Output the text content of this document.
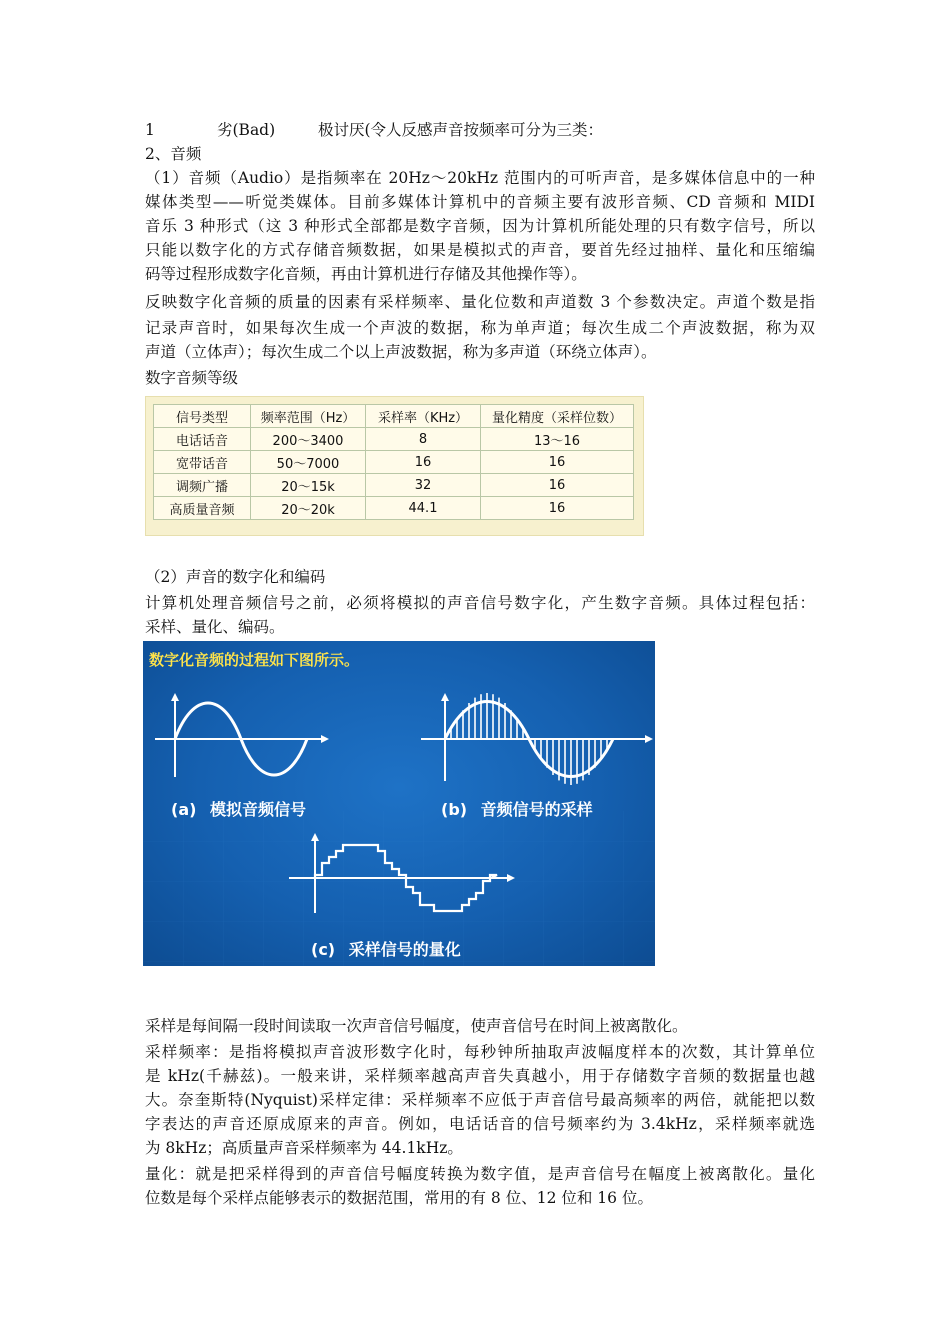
1	劣(Bad)	极讨厌(令人反感声音按频率可分为三类：
2、音频
（1）音频（Audio）是指频率在 20Hz～20kHz 范围内的可听声音，是多媒体信息中的一种
媒体类型——听觉类媒体。目前多媒体计算机中的音频主要有波形音频、CD 音频和 MIDI
音乐 3 种形式（这 3 种形式全部都是数字音频，因为计算机所能处理的只有数字信号，所以
只能以数字化的方式存储音频数据，如果是模拟式的声音，要首先经过抽样、量化和压缩编
码等过程形成数字化音频，再由计算机进行存储及其他操作等）。
反映数字化音频的质量的因素有采样频率、量化位数和声道数 3 个参数决定。声道个数是指
记录声音时，如果每次生成一个声波的数据，称为单声道；每次生成二个声波数据，称为双
声道（立体声）；每次生成二个以上声波数据，称为多声道（环绕立体声）。
数字音频等级
信号类型	频率范围（Hz）	采样率（KHz）	量化精度（采样位数）
电话话音	200～3400	8	13～16
宽带话音	50～7000	16	16
调频广播	20～15k	32	16
高质量音频	20～20k	44.1	16
（2）声音的数字化和编码
计算机处理音频信号之前，必须将模拟的声音信号数字化，产生数字音频。具体过程包括：
采样、量化、编码。
数字化音频的过程如下图所示。
(a) 模拟音频信号	(b) 音频信号的采样
(c) 采样信号的量化
采样是每间隔一段时间读取一次声音信号幅度，使声音信号在时间上被离散化。
采样频率：是指将模拟声音波形数字化时，每秒钟所抽取声波幅度样本的次数，其计算单位
是 kHz(千赫兹)。一般来讲，采样频率越高声音失真越小，用于存储数字音频的数据量也越
大。奈奎斯特(Nyquist)采样定律：采样频率不应低于声音信号最高频率的两倍，就能把以数
字表达的声音还原成原来的声音。例如，电话话音的信号频率约为 3.4kHz，采样频率就选
为 8kHz；高质量声音采样频率为 44.1kHz。
量化：就是把采样得到的声音信号幅度转换为数字值，是声音信号在幅度上被离散化。量化
位数是每个采样点能够表示的数据范围，常用的有 8 位、12 位和 16 位。
